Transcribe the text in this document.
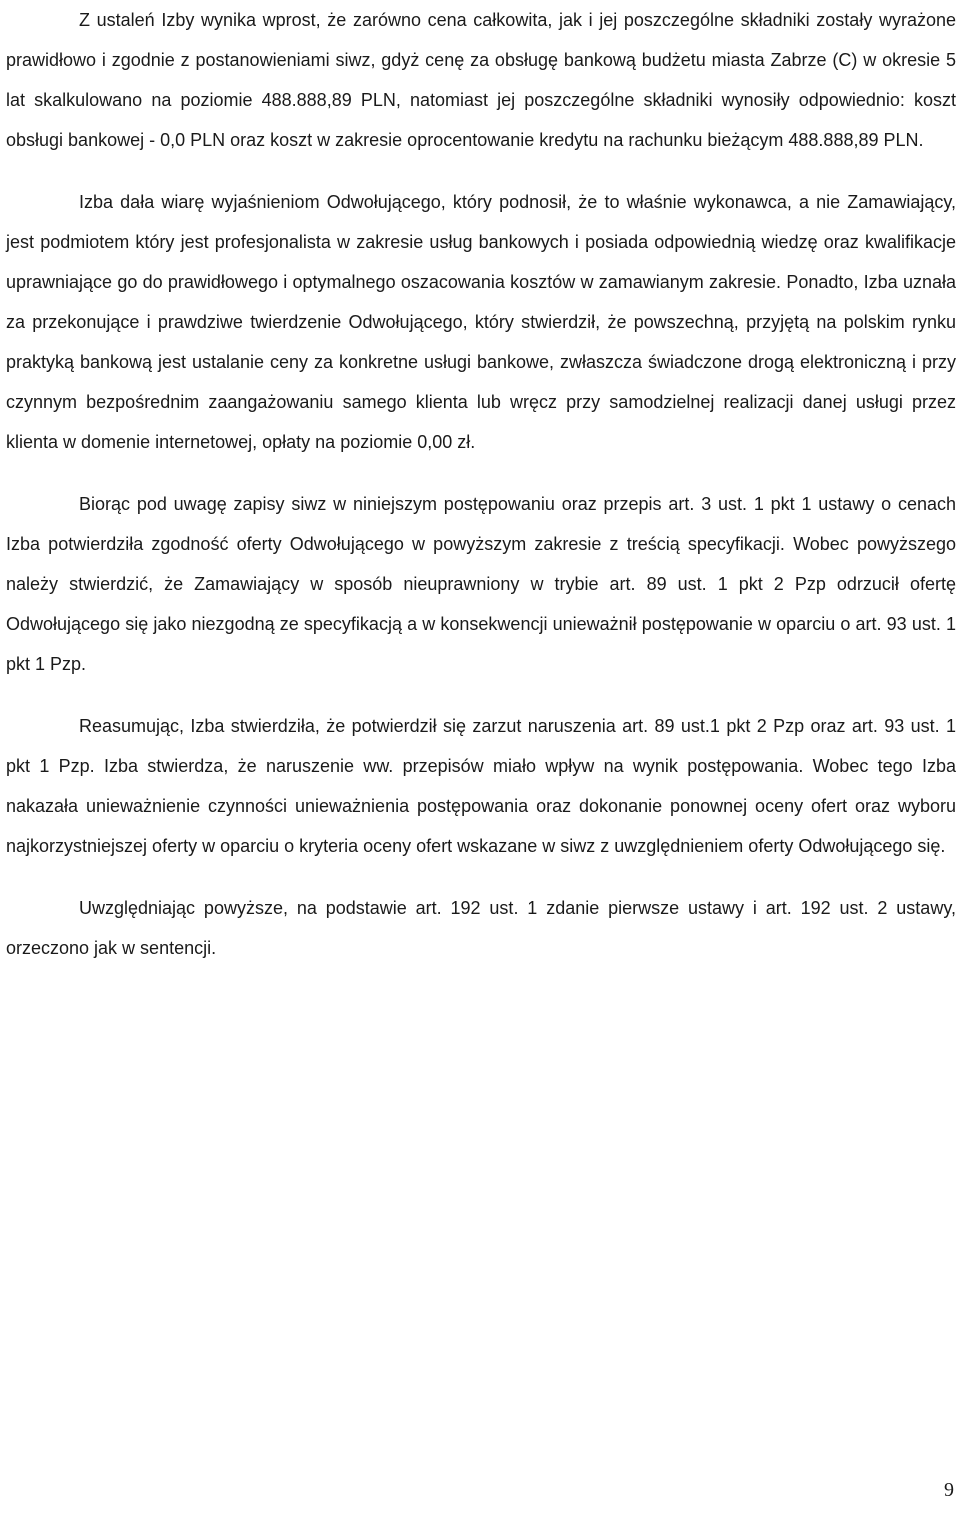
Z ustaleń Izby wynika wprost, że zarówno cena całkowita, jak i jej poszczególne składniki zostały wyrażone prawidłowo i zgodnie z postanowieniami siwz, gdyż cenę za obsługę bankową budżetu miasta Zabrze (C) w okresie 5 lat skalkulowano na poziomie 488.888,89 PLN, natomiast jej poszczególne składniki wynosiły odpowiednio: koszt obsługi bankowej - 0,0 PLN oraz koszt w zakresie oprocentowanie kredytu na rachunku bieżącym 488.888,89 PLN.

Izba dała wiarę wyjaśnieniom Odwołującego, który podnosił, że to właśnie wykonawca, a nie Zamawiający, jest podmiotem który jest profesjonalista w zakresie usług bankowych i posiada odpowiednią wiedzę oraz kwalifikacje uprawniające go do prawidłowego i optymalnego oszacowania kosztów w zamawianym zakresie. Ponadto, Izba uznała za przekonujące i prawdziwe twierdzenie Odwołującego, który stwierdził, że powszechną, przyjętą na polskim rynku praktyką bankową jest ustalanie ceny za konkretne usługi bankowe, zwłaszcza świadczone drogą elektroniczną i przy czynnym bezpośrednim zaangażowaniu samego klienta lub wręcz przy samodzielnej realizacji danej usługi przez klienta w domenie internetowej, opłaty na poziomie 0,00 zł.

Biorąc pod uwagę zapisy siwz w niniejszym postępowaniu oraz przepis art. 3 ust. 1 pkt 1 ustawy o cenach Izba potwierdziła zgodność oferty Odwołującego w powyższym zakresie z treścią specyfikacji. Wobec powyższego należy stwierdzić, że Zamawiający w sposób nieuprawniony w trybie art. 89 ust. 1 pkt 2 Pzp odrzucił ofertę Odwołującego się jako niezgodną ze specyfikacją a w konsekwencji unieważnił postępowanie w oparciu o art. 93 ust. 1 pkt 1 Pzp.

Reasumując, Izba stwierdziła, że potwierdził się zarzut naruszenia art. 89 ust.1 pkt 2 Pzp oraz art. 93 ust. 1 pkt 1 Pzp. Izba stwierdza, że naruszenie ww. przepisów miało wpływ na wynik postępowania. Wobec tego Izba nakazała unieważnienie czynności unieważnienia postępowania oraz dokonanie ponownej oceny ofert oraz wyboru najkorzystniejszej oferty w oparciu o kryteria oceny ofert wskazane w siwz z uwzględnieniem oferty Odwołującego się.

Uwzględniając powyższe, na podstawie art. 192 ust. 1 zdanie pierwsze ustawy i art. 192 ust. 2 ustawy, orzeczono jak w sentencji.

9
